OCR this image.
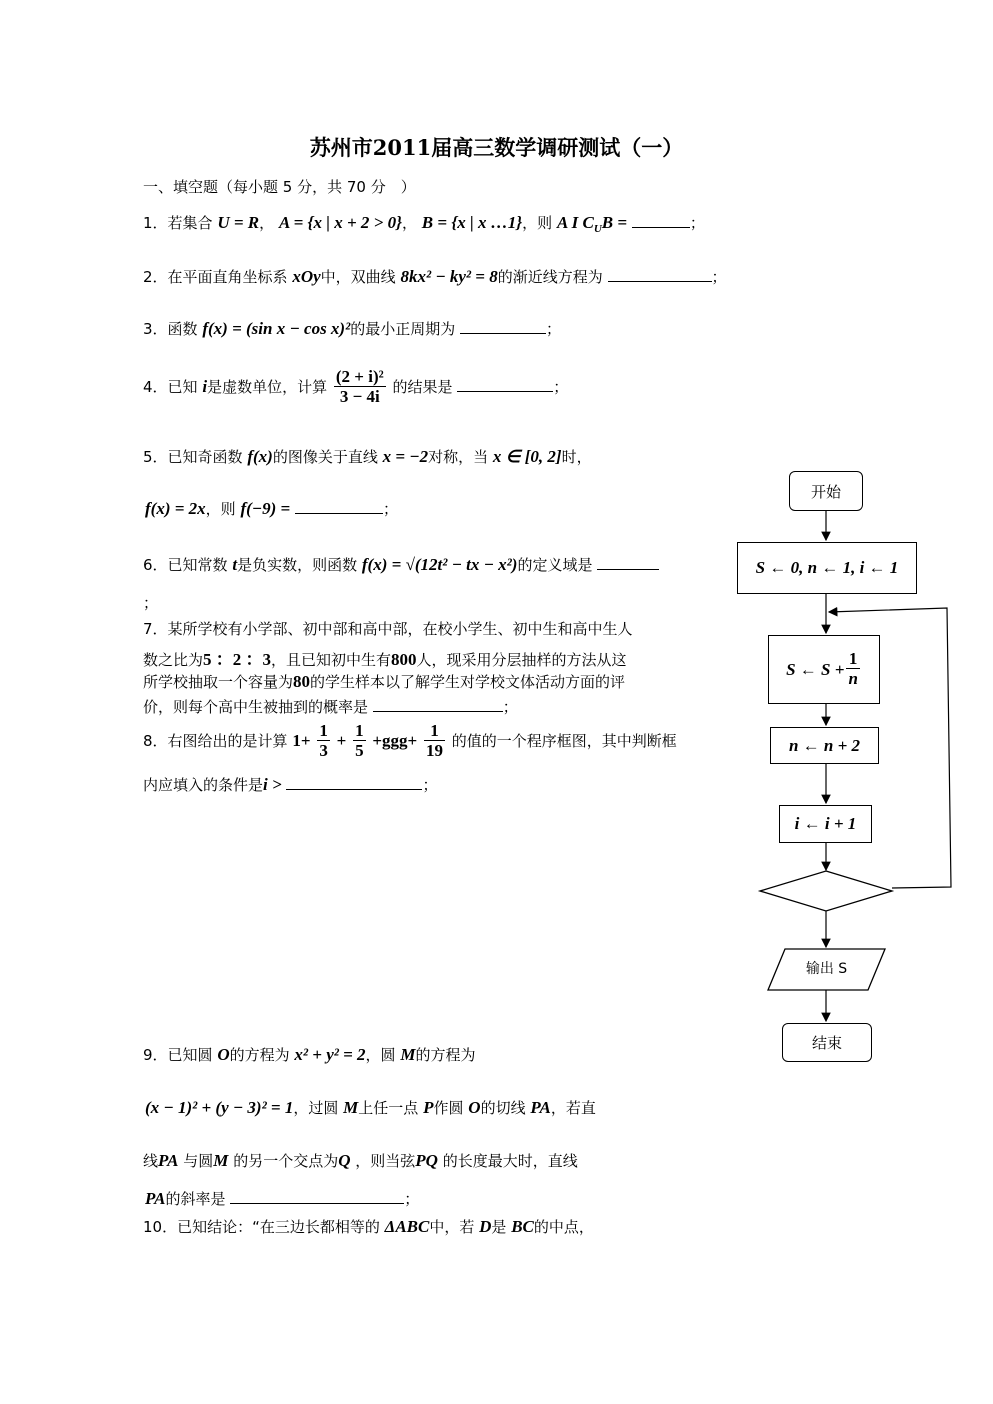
苏州市2011届高三数学调研测试（一）
一、填空题（每小题 5 分，共 70 分　）
1．若集合 U = R， A = {x | x + 2 > 0}， B = {x | x …1}，则 A I $C_UB$ =	；
2．在平面直角坐标系 xOy中，双曲线 8kx² − ky² = 8的渐近线方程为	；
3．函数 f(x) = (sin x − cos x)²的最小正周期为	；
4．已知 i是虚数单位，计算 $\frac{\text{(2 + i)²}}{3 - 4i}$ 的结果是	；
5．已知奇函数 f(x)的图像关于直线 x = −2对称，当 x ∈ [0, 2]时，
f(x) = 2x，则 f(−9) =	；
6．已知常数 t是负实数，则函数 f(x) = √(12t² − tx − x²)的定义域是
；
7．某所学校有小学部、初中部和高中部，在校小学生、初中生和高中生人
数之比为5 ：2 ：3，且已知初中生有800人，现采用分层抽样的方法从这
所学校抽取一个容量为80的学生样本以了解学生对学校文体活动方面的评
价，则每个高中生被抽到的概率是	；
8．右图给出的是计算 $1+ \frac{1}{3} + \frac{1}{5} +ggg+ \frac{1}{19}$ 的值的一个程序框图，其中判断框
内应填入的条件是i >	；
9．已知圆 O的方程为 x² + y² = 2，圆 M的方程为
(x − 1)² + (y − 3)² = 1，过圆 M上任一点 P作圆 O的切线 PA，若直
线PA 与圆M 的另一个交点为Q ，则当弦PQ 的长度最大时，直线
PA的斜率是	；
10．已知结论：“在三边长都相等的 ΔABC中，若 D是 BC的中点，
开始
S ← 0, n ← 1, i ← 1
S ← $S + \frac{1}{n}$
n ← n + 2
i ← i + 1
输出 S
结束
